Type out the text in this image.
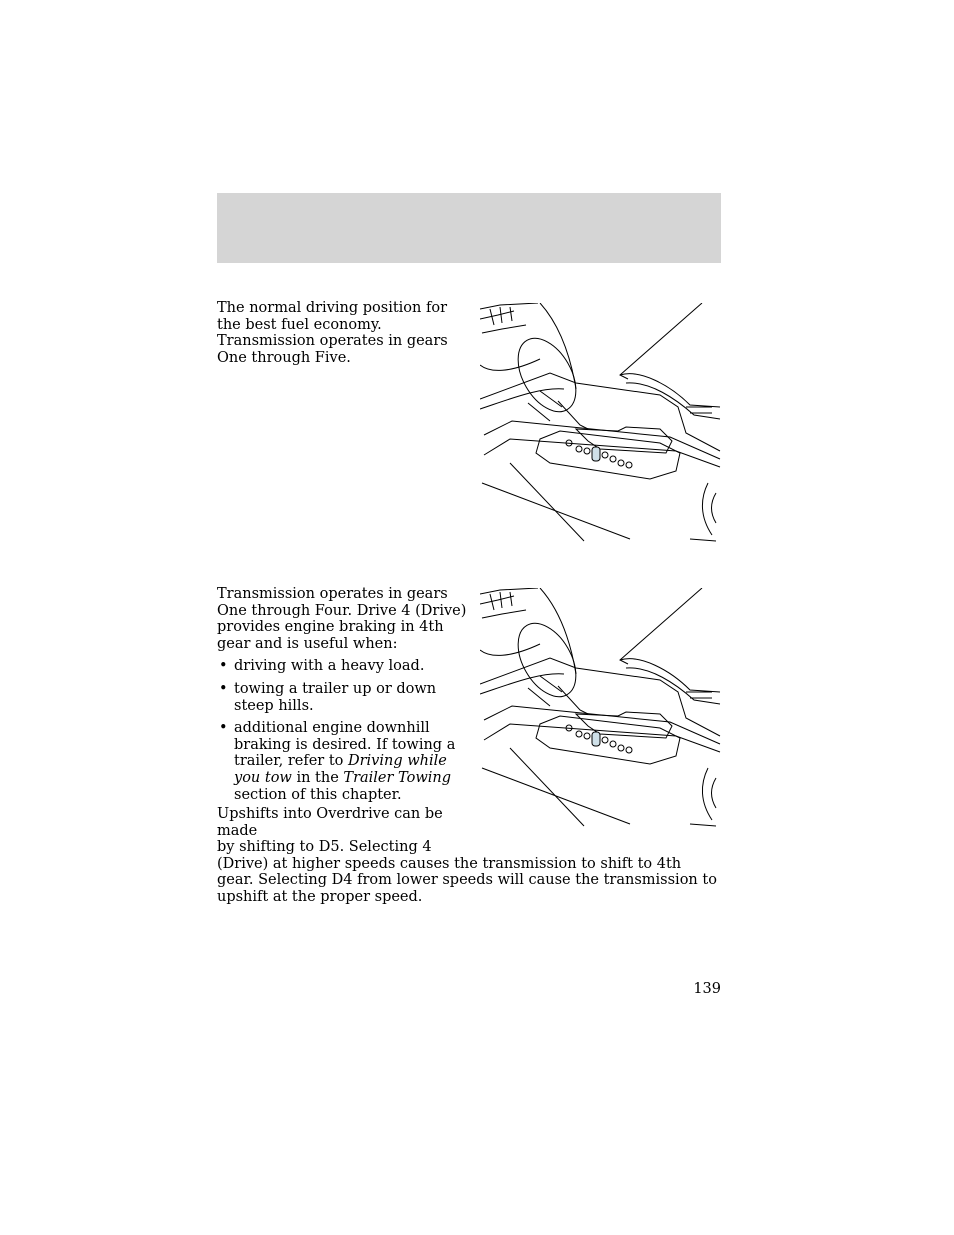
The normal driving position for the best fuel economy. Transmission operates in gears One through Five.

Transmission operates in gears One through Four. Drive 4 (Drive) provides engine braking in 4th gear and is useful when:

• driving with a heavy load.
• towing a trailer up or down steep hills.
• additional engine downhill braking is desired. If towing a trailer, refer to Driving while you tow in the Trailer Towing section of this chapter.
Upshifts into Overdrive can be made
by shifting to D5. Selecting 4
(Drive) at higher speeds causes the transmission to shift to 4th gear. Selecting D4 from lower speeds will cause the transmission to upshift at the proper speed.
139
